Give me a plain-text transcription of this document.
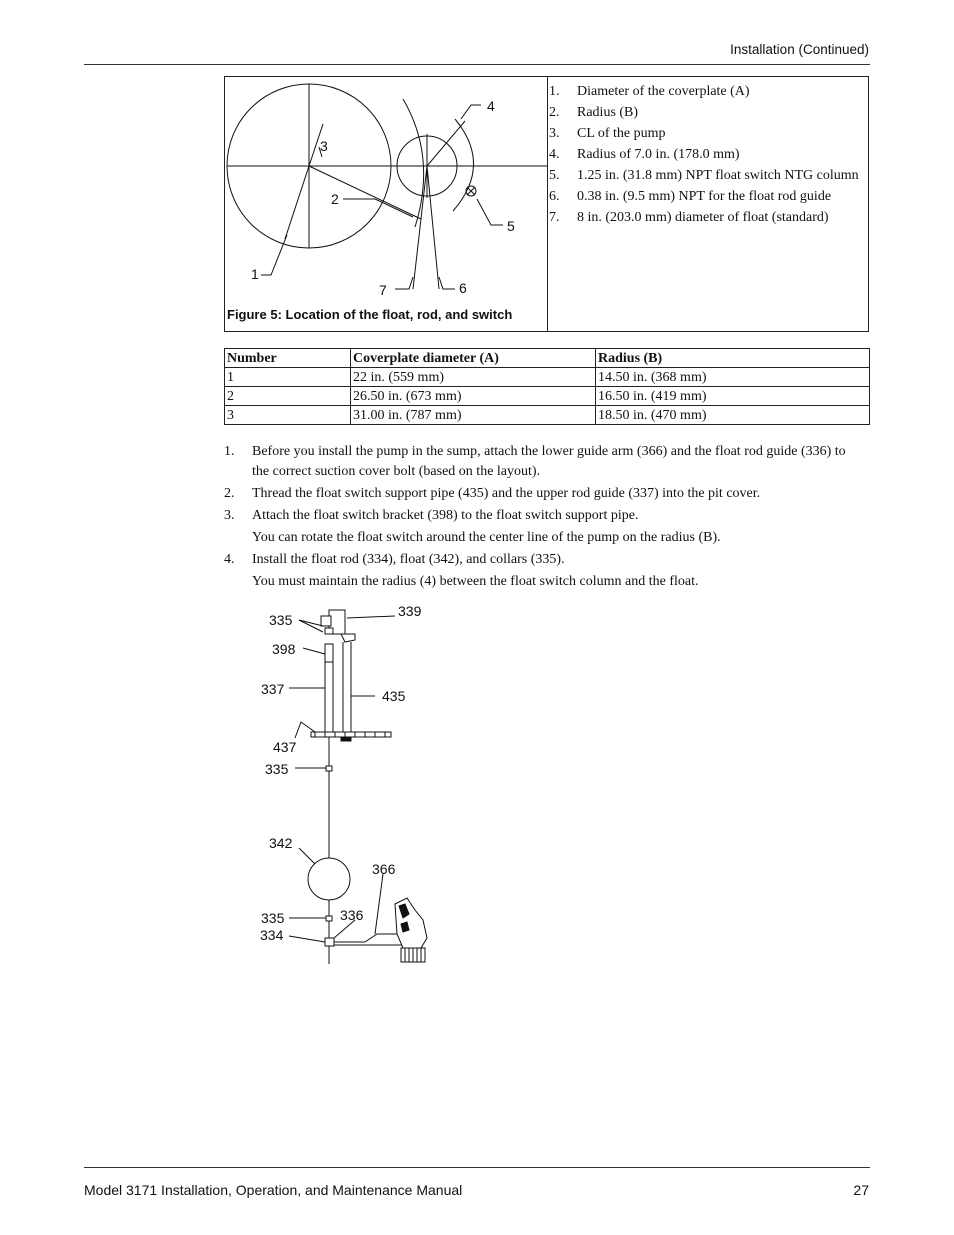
Installation (Continued)
1
2
3
4
5
6
7
Figure 5: Location of the float, rod, and switch
1. Diameter of the coverplate (A)
2. Radius (B)
3. CL of the pump
4. Radius of 7.0 in. (178.0 mm)
5. 1.25 in. (31.8 mm) NPT float switch NTG column
6. 0.38 in. (9.5 mm) NPT for the float rod guide
7. 8 in. (203.0 mm) diameter of float (standard)
Number	Coverplate diameter (A)	Radius (B)
1	22 in. (559 mm)	14.50 in. (368 mm)
2	26.50 in. (673 mm)	16.50 in. (419 mm)
3	31.00 in. (787 mm)	18.50 in. (470 mm)
1. Before you install the pump in the sump, attach the lower guide arm (366) and the float rod guide (336) to the correct suction cover bolt (based on the layout).
2. Thread the float switch support pipe (435) and the upper rod guide (337) into the pit cover.
3. Attach the float switch bracket (398) to the float switch support pipe.
You can rotate the float switch around the center line of the pump on the radius (B).
4. Install the float rod (334), float (342), and collars (335).
You must maintain the radius (4) between the float switch column and the float.
339
335
398
337	435
437
335
342
366
335	336
334
Model 3171 Installation, Operation, and Maintenance Manual	27
